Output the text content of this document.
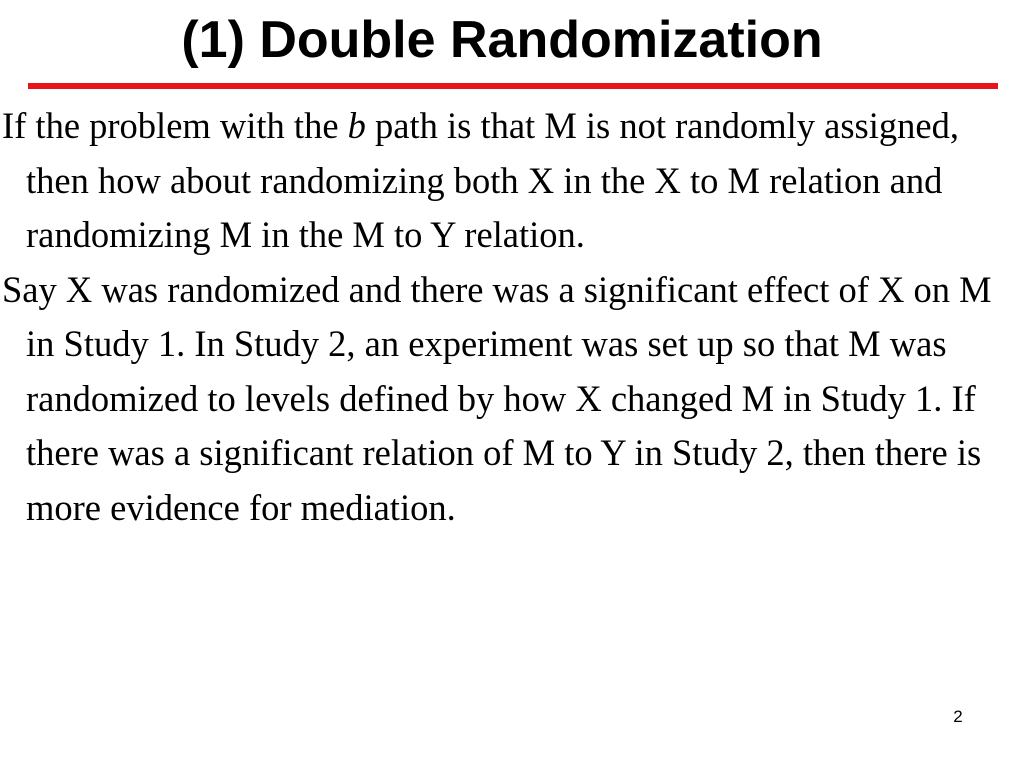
(1) Double Randomization

If the problem with the b path is that M is not randomly assigned, then how about randomizing both X in the X to M relation and randomizing M in the M to Y relation.

Say X was randomized and there was a significant effect of X on M in Study 1. In Study 2, an experiment was set up so that M was randomized to levels defined by how X changed M in Study 1. If there was a significant relation of M to Y in Study 2, then there is more evidence for mediation.

2
